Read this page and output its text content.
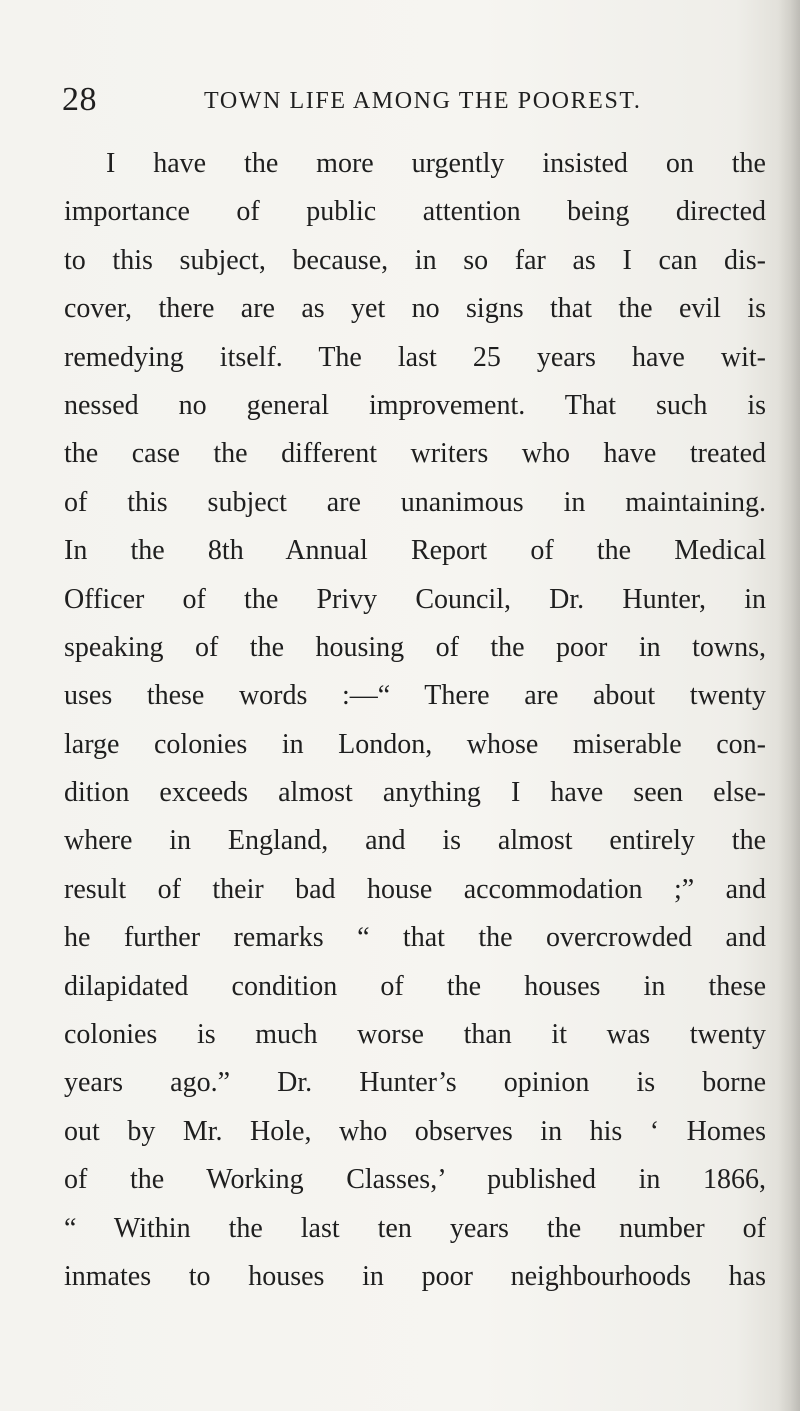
28	TOWN LIFE AMONG THE POOREST.
I have the more urgently insisted on the
importance of public attention being directed
to this subject, because, in so far as I can dis-
cover, there are as yet no signs that the evil is
remedying itself. The last 25 years have wit-
nessed no general improvement. That such is
the case the different writers who have treated
of this subject are unanimous in maintaining.
In the 8th Annual Report of the Medical
Officer of the Privy Council, Dr. Hunter, in
speaking of the housing of the poor in towns,
uses these words :—“ There are about twenty
large colonies in London, whose miserable con-
dition exceeds almost anything I have seen else-
where in England, and is almost entirely the
result of their bad house accommodation ;” and
he further remarks “ that the overcrowded and
dilapidated condition of the houses in these
colonies is much worse than it was twenty
years ago.” Dr. Hunter’s opinion is borne
out by Mr. Hole, who observes in his ‘ Homes
of the Working Classes,’ published in 1866,
“ Within the last ten years the number of
inmates to houses in poor neighbourhoods has
